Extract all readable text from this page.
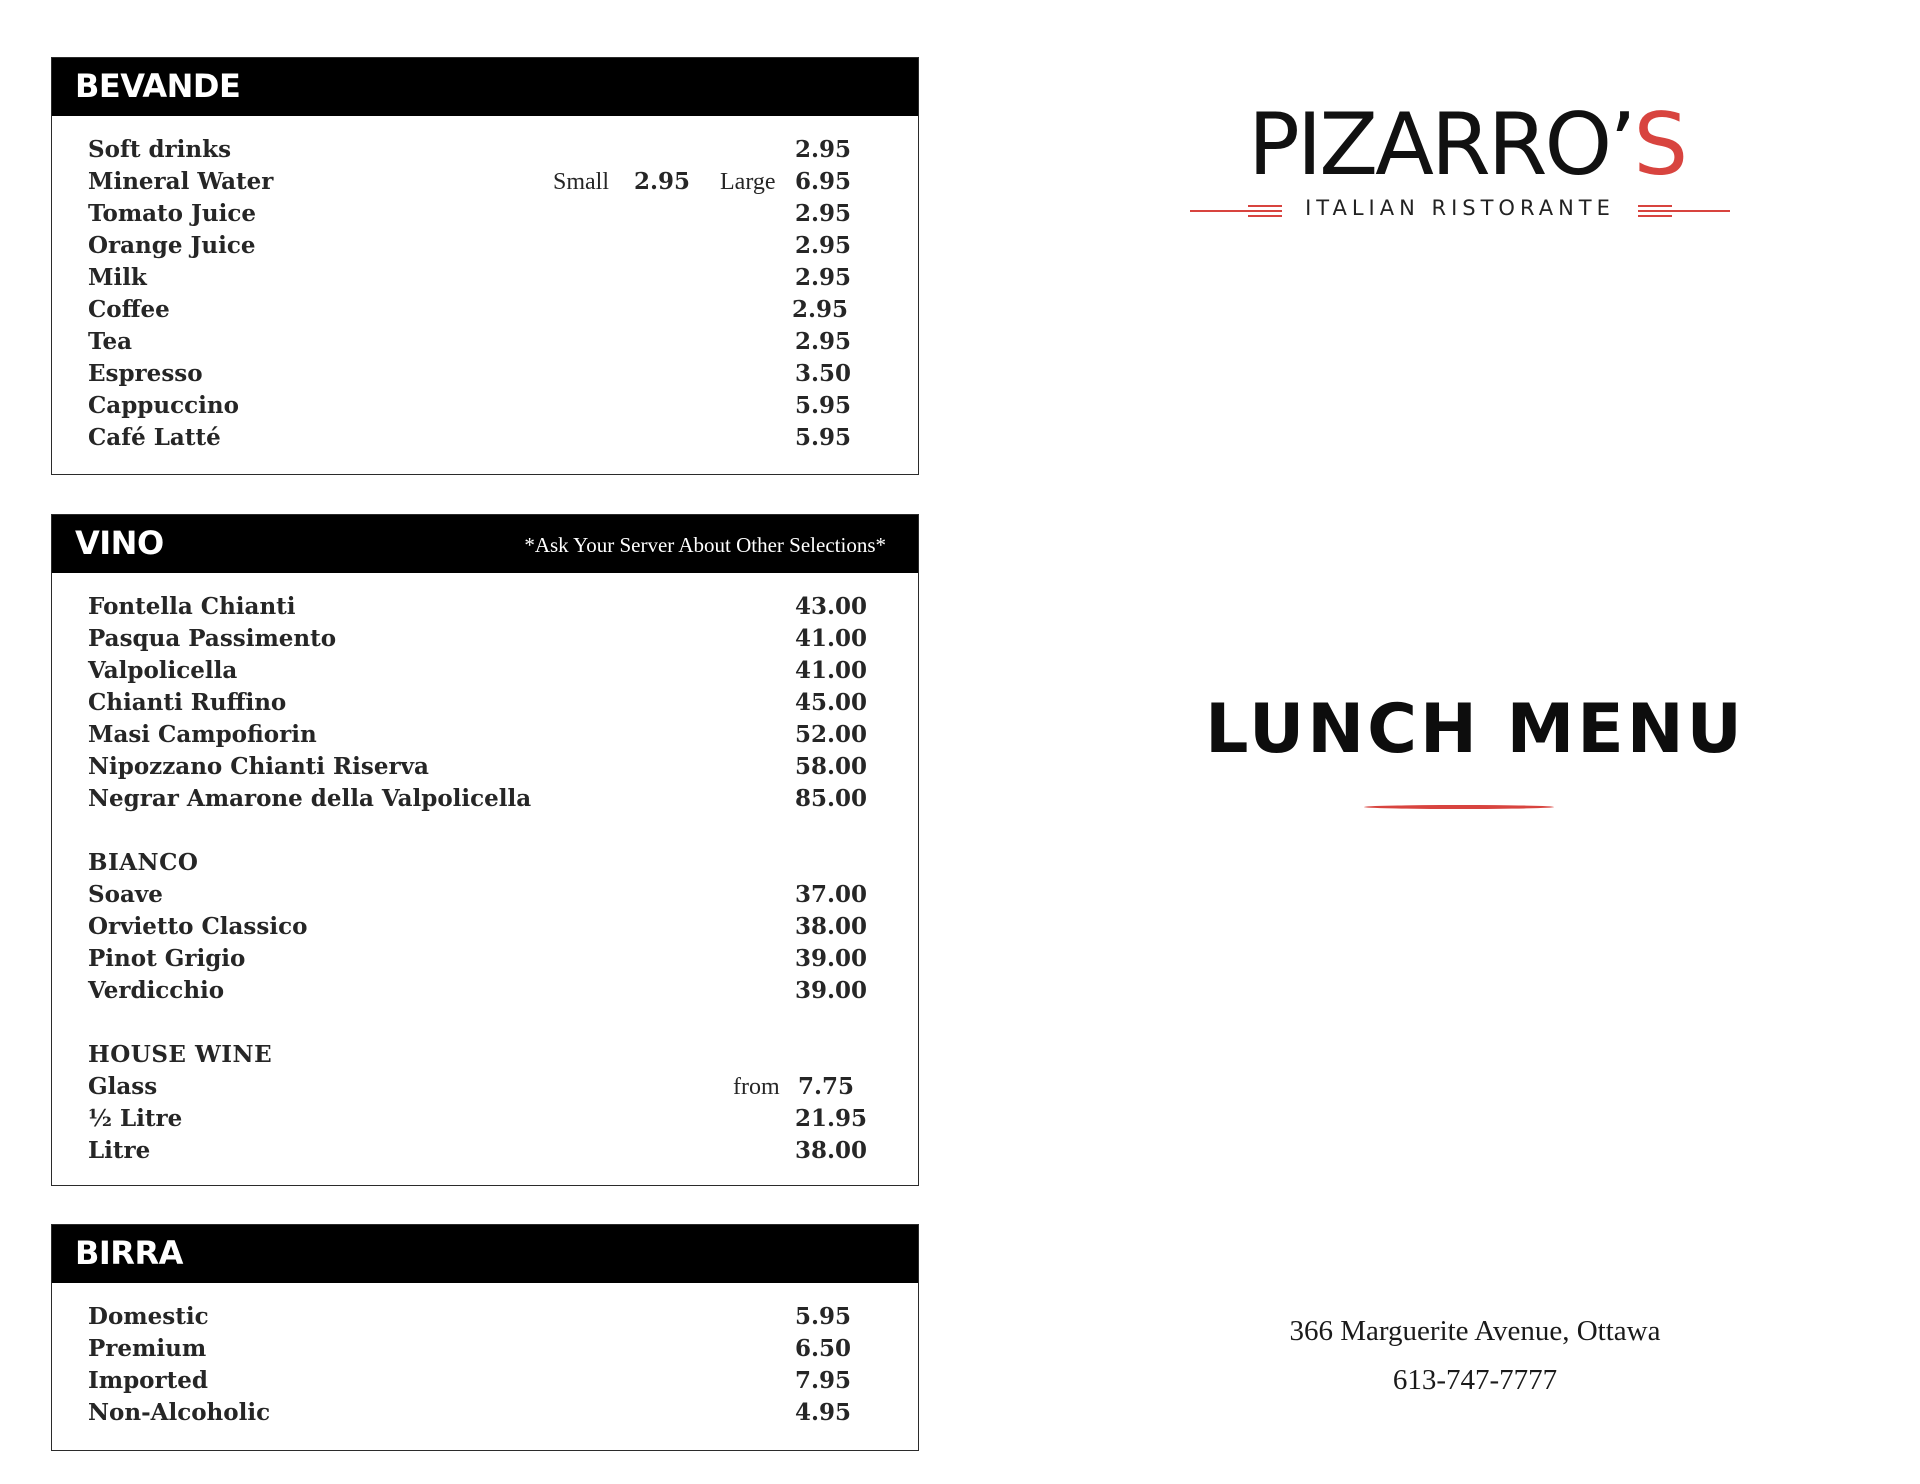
BEVANDE
Soft drinks	2.95
Mineral Water	Small 2.95 Large 6.95
Tomato Juice	2.95
Orange Juice	2.95
Milk	2.95
Coffee	2.95
Tea	2.95
Espresso	3.50
Cappuccino	5.95
Café Latté	5.95
VINO	*Ask Your Server About Other Selections*
Fontella Chianti	43.00
Pasqua Passimento	41.00
Valpolicella	41.00
Chianti Ruffino	45.00
Masi Campofiorin	52.00
Nipozzano Chianti Riserva	58.00
Negrar Amarone della Valpolicella	85.00
BIANCO
Soave	37.00
Orvietto Classico	38.00
Pinot Grigio	39.00
Verdicchio	39.00
HOUSE WINE
Glass	from 7.75
½ Litre	21.95
Litre	38.00
BIRRA
Domestic	5.95
Premium	6.50
Imported	7.95
Non-Alcoholic	4.95
PIZARRO’S
ITALIAN RISTORANTE
LUNCH MENU
366 Marguerite Avenue, Ottawa
613-747-7777
